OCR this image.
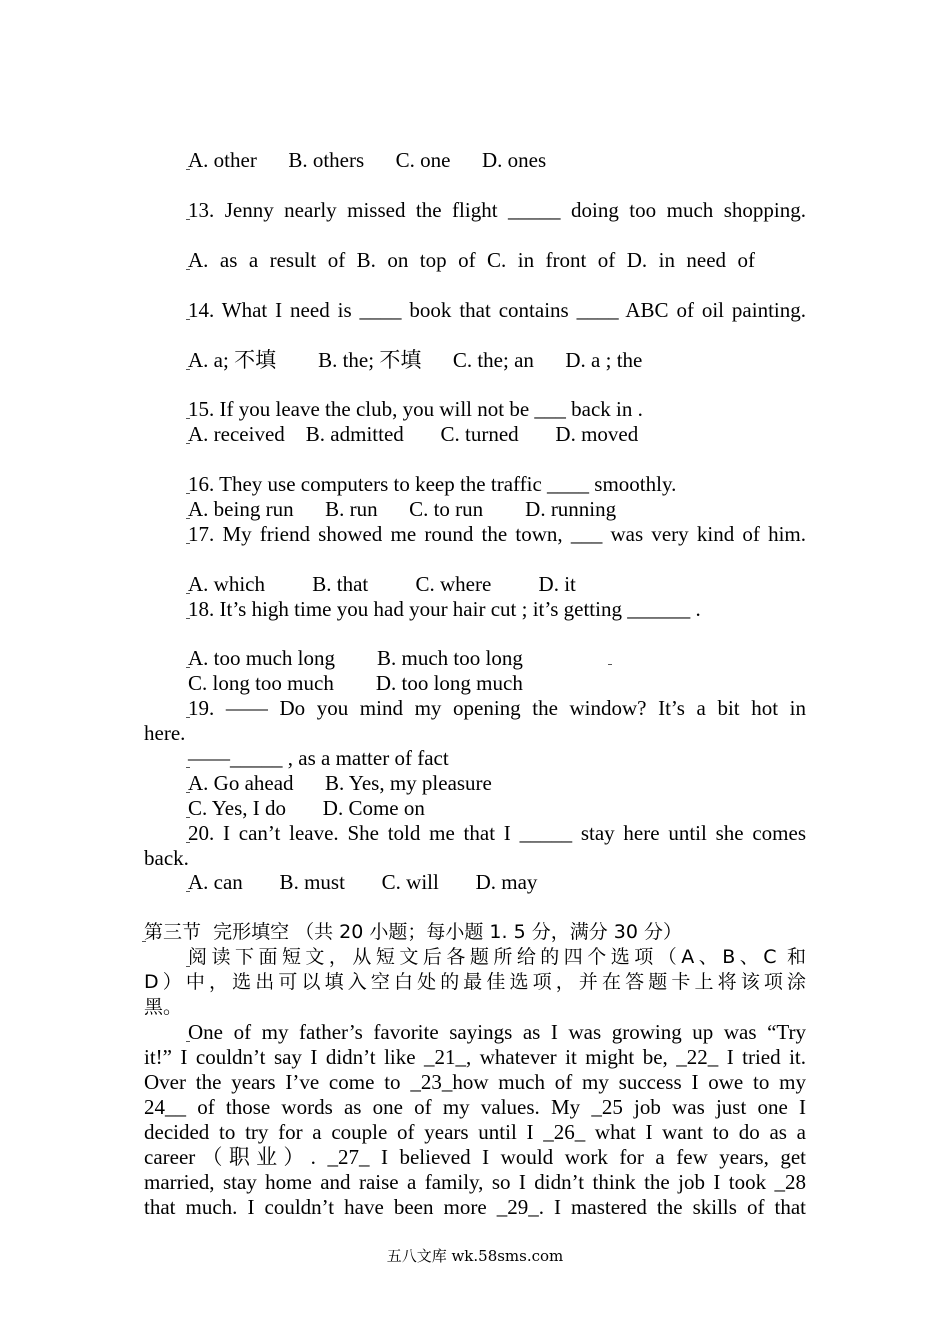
A. other      B. others      C. one      D. ones
13. Jenny nearly missed the flight _____ doing too much shopping.
A. as a result of B. on top of C. in front of D. in need of
14. What I need is ____ book that contains ____ ABC of oil painting.
A. a; 不填        B. the; 不填      C. the; an      D. a ; the
15. If you leave the club, you will not be ___ back in .
A. received    B. admitted       C. turned       D. moved
16. They use computers to keep the traffic ____ smoothly.
A. being run      B. run      C. to run        D. running
17. My friend showed me round the town, ___ was very kind of him.
A. which         B. that         C. where         D. it
18. It’s high time you had your hair cut ; it’s getting ______ .
A. too much long        B. much too long
C. long too much        D. too long much
19. —— Do you mind my opening the window? It’s a bit hot in
here.
——_____ , as a matter of fact
A. Go ahead      B. Yes, my pleasure
C. Yes, I do       D. Come on
20. I can’t leave. She told me that I _____ stay here until she comes
back.
A. can       B. must       C. will       D. may
第三节  完形填空 （共 20 小题；每小题 1. 5 分，满分 30 分）
阅读下面短文，从短文后各题所给的四个选项（A、B、C 和
D）中，选出可以填入空白处的最佳选项，并在答题卡上将该项涂
黑。
One of my father’s favorite sayings as I was growing up was “Try
it!” I couldn’t say I didn’t like _21_, whatever it might be, _22_ I tried it.
Over the years I’ve come to _23_how much of my success I owe to my
24__ of those words as one of my values. My _25 job was just one I
decided to try for a couple of years until I _26_ what I want to do as a
career（职业）. _27_ I believed I would work for a few years, get
married, stay home and raise a family, so I didn’t think the job I took _28
that much. I couldn’t have been more _29_. I mastered the skills of that
五八文库 wk.58sms.com
